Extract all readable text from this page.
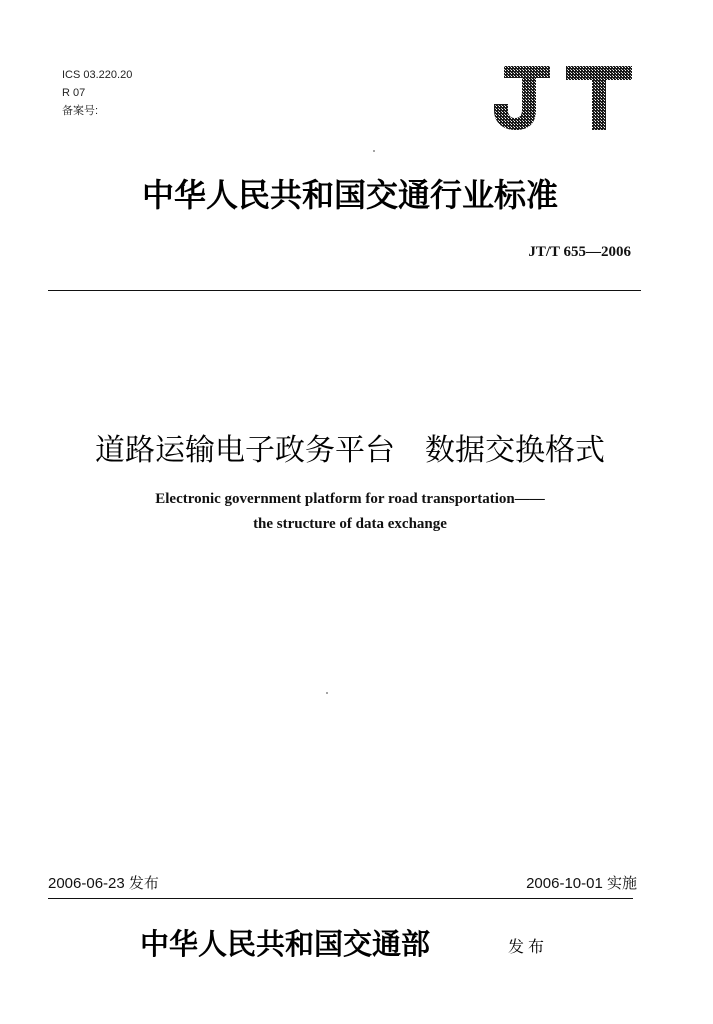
ICS 03.220.20
R 07
备案号:
中华人民共和国交通行业标准
JT/T 655—2006
道路运输电子政务平台 数据交换格式
Electronic government platform for road transportation——
the structure of data exchange
2006-06-23 发布	2006-10-01 实施
中华人民共和国交通部	发布
